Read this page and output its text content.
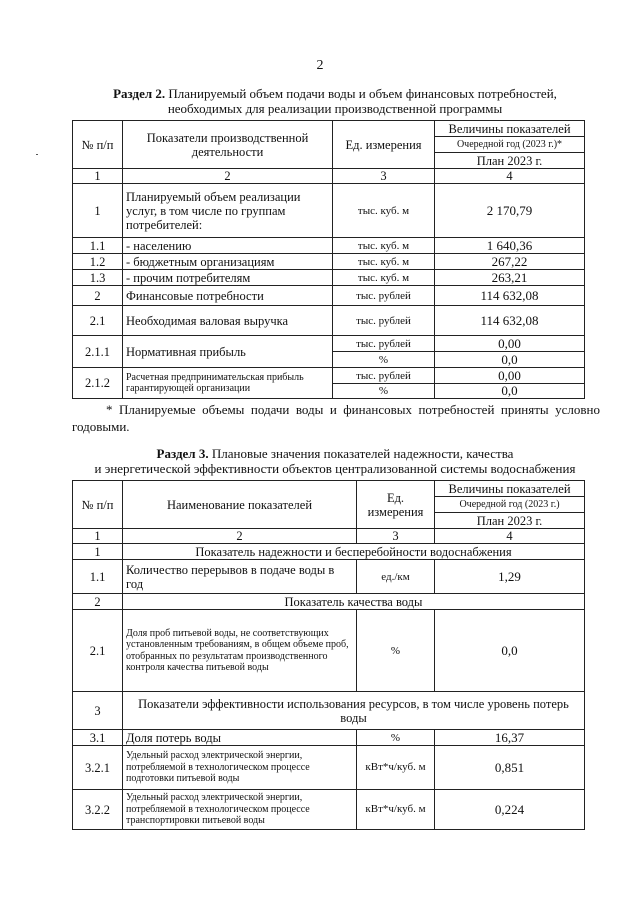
2
Раздел 2. Планируемый объем подачи воды и объем финансовых потребностей,
необходимых для реализации производственной программы
№ п/п	Показатели производственной деятельности	Ед. измерения	Величины показателей
			Очередной год (2023 г.)*
			План 2023 г.
1	2	3	4
1	Планируемый объем реализации услуг, в том числе по группам потребителей:	тыс. куб. м	2 170,79
1.1	- населению	тыс. куб. м	1 640,36
1.2	- бюджетным организациям	тыс. куб. м	267,22
1.3	- прочим потребителям	тыс. куб. м	263,21
2	Финансовые потребности	тыс. рублей	114 632,08
2.1	Необходимая валовая выручка	тыс. рублей	114 632,08
2.1.1	Нормативная прибыль	тыс. рублей	0,00
		%	0,0
2.1.2	Расчетная предпринимательская прибыль гарантирующей организации	тыс. рублей	0,00
		%	0,0
* Планируемые объемы подачи воды и финансовых потребностей приняты условно годовыми.
Раздел 3. Плановые значения показателей надежности, качества
и энергетической эффективности объектов централизованной системы водоснабжения
№ п/п	Наименование показателей	Ед. измерения	Величины показателей
			Очередной год (2023 г.)
			План 2023 г.
1	2	3	4
1	Показатель надежности и бесперебойности водоснабжения		
1.1	Количество перерывов в подаче воды в год	ед./км	1,29
2	Показатель качества воды		
2.1	Доля проб питьевой воды, не соответствующих установленным требованиям, в общем объеме проб, отобранных по результатам производственного контроля качества питьевой воды	%	0,0
3	Показатели эффективности использования ресурсов, в том числе уровень потерь воды		
3.1	Доля потерь воды	%	16,37
3.2.1	Удельный расход электрической энергии, потребляемой в технологическом процессе подготовки питьевой воды	кВт*ч/куб. м	0,851
3.2.2	Удельный расход электрической энергии, потребляемой в технологическом процессе транспортировки питьевой воды	кВт*ч/куб. м	0,224
